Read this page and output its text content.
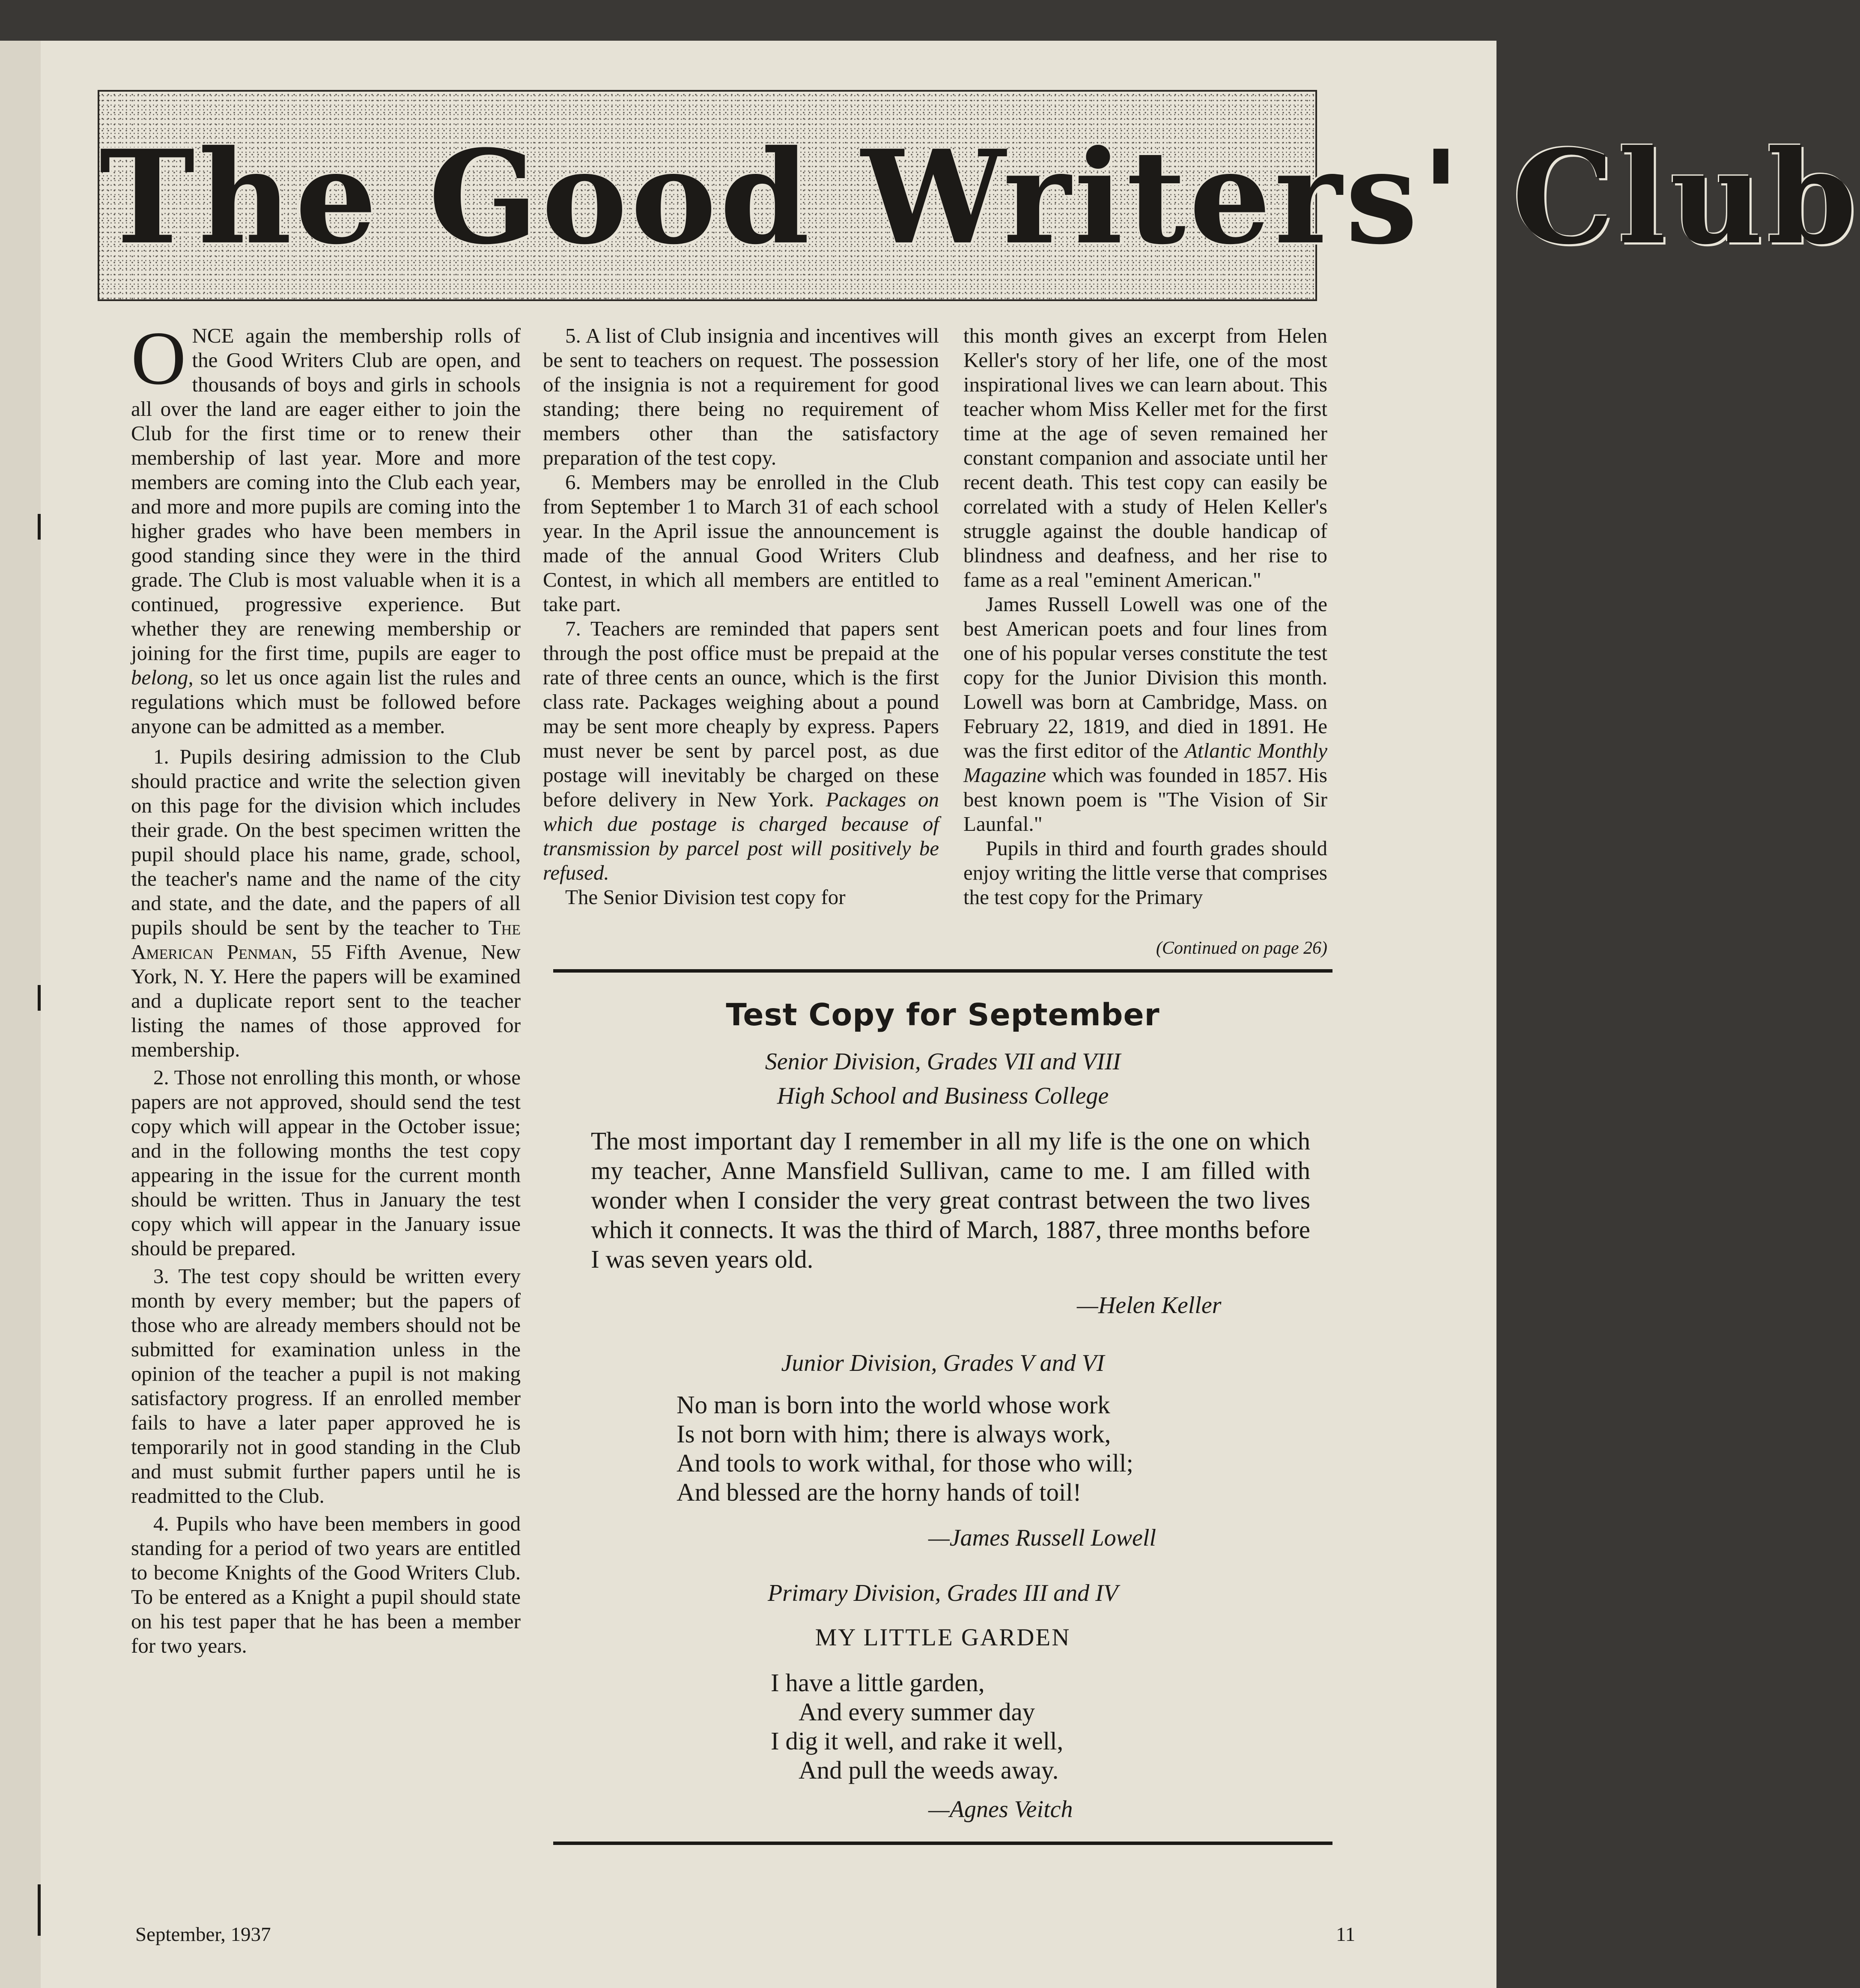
The Good Writers' Club

ONCE again the membership rolls of the Good Writers Club are open, and thousands of boys and girls in schools all over the land are eager either to join the Club for the first time or to renew their membership of last year. More and more members are coming into the Club each year, and more and more pupils are coming into the higher grades who have been members in good standing since they were in the third grade. The Club is most valuable when it is a continued, progressive experience. But whether they are renewing membership or joining for the first time, pupils are eager to belong, so let us once again list the rules and regulations which must be followed before anyone can be admitted as a member.

1. Pupils desiring admission to the Club should practice and write the selection given on this page for the division which includes their grade. On the best specimen written the pupil should place his name, grade, school, the teacher's name and the name of the city and state, and the date, and the papers of all pupils should be sent by the teacher to The American Penman, 55 Fifth Avenue, New York, N. Y. Here the papers will be examined and a duplicate report sent to the teacher listing the names of those approved for membership.

2. Those not enrolling this month, or whose papers are not approved, should send the test copy which will appear in the October issue; and in the following months the test copy appearing in the issue for the current month should be written. Thus in January the test copy which will appear in the January issue should be prepared.

3. The test copy should be written every month by every member; but the papers of those who are already members should not be submitted for examination unless in the opinion of the teacher a pupil is not making satisfactory progress. If an enrolled member fails to have a later paper approved he is temporarily not in good standing in the Club and must submit further papers until he is readmitted to the Club.

4. Pupils who have been members in good standing for a period of two years are entitled to become Knights of the Good Writers Club. To be entered as a Knight a pupil should state on his test paper that he has been a member for two years.

5. A list of Club insignia and incentives will be sent to teachers on request. The possession of the insignia is not a requirement for good standing; there being no requirement of members other than the satisfactory preparation of the test copy.

6. Members may be enrolled in the Club from September 1 to March 31 of each school year. In the April issue the announcement is made of the annual Good Writers Club Contest, in which all members are entitled to take part.

7. Teachers are reminded that papers sent through the post office must be prepaid at the rate of three cents an ounce, which is the first class rate. Packages weighing about a pound may be sent more cheaply by express. Papers must never be sent by parcel post, as due postage will inevitably be charged on these before delivery in New York. Packages on which due postage is charged because of transmission by parcel post will positively be refused.

The Senior Division test copy for

this month gives an excerpt from Helen Keller's story of her life, one of the most inspirational lives we can learn about. This teacher whom Miss Keller met for the first time at the age of seven remained her constant companion and associate until her recent death. This test copy can easily be correlated with a study of Helen Keller's struggle against the double handicap of blindness and deafness, and her rise to fame as a real "eminent American."

James Russell Lowell was one of the best American poets and four lines from one of his popular verses constitute the test copy for the Junior Division this month. Lowell was born at Cambridge, Mass. on February 22, 1819, and died in 1891. He was the first editor of the Atlantic Monthly Magazine which was founded in 1857. His best known poem is "The Vision of Sir Launfal."

Pupils in third and fourth grades should enjoy writing the little verse that comprises the test copy for the Primary

(Continued on page 26)
Test Copy for September
Senior Division, Grades VII and VIII
High School and Business College

The most important day I remember in all my life is the one on which my teacher, Anne Mansfield Sullivan, came to me. I am filled with wonder when I consider the very great contrast between the two lives which it connects. It was the third of March, 1887, three months before I was seven years old.

—Helen Keller
Junior Division, Grades V and VI
No man is born into the world whose work
Is not born with him; there is always work,
And tools to work withal, for those who will;
And blessed are the horny hands of toil!
—James Russell Lowell
Primary Division, Grades III and IV
MY LITTLE GARDEN
I have a little garden,
And every summer day
I dig it well, and rake it well,
And pull the weeds away.
—Agnes Veitch
September, 1937	11
